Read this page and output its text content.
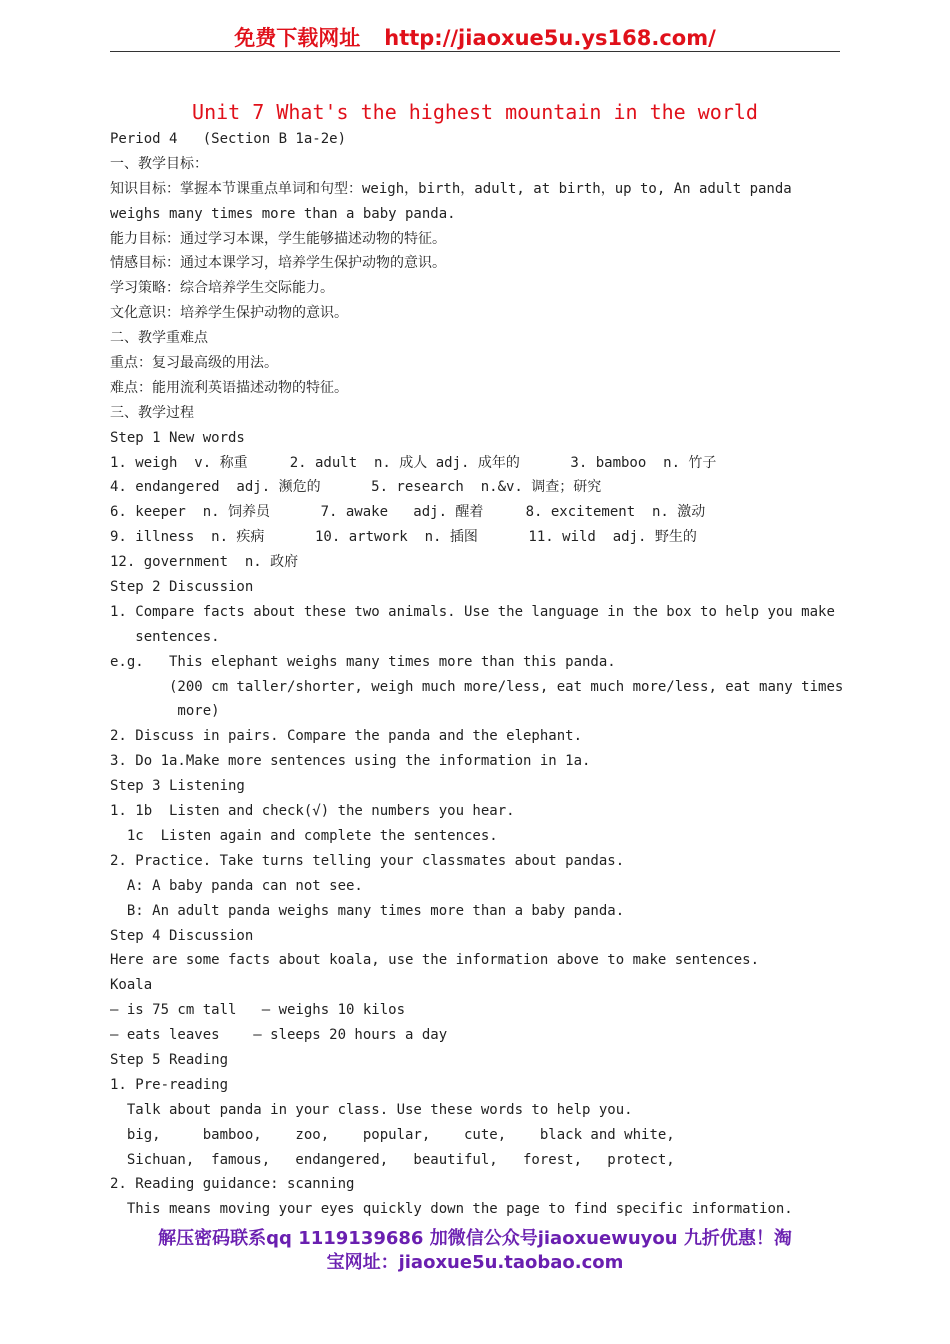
免费下载网址 http://jiaoxue5u.ys168.com/
Unit 7 What's the highest mountain in the world
Period 4   (Section B 1a-2e)
一、教学目标：
知识目标：掌握本节课重点单词和句型：weigh，birth，adult, at birth，up to, An adult panda
weighs many times more than a baby panda.
能力目标：通过学习本课，学生能够描述动物的特征。
情感目标：通过本课学习，培养学生保护动物的意识。
学习策略：综合培养学生交际能力。
文化意识：培养学生保护动物的意识。
二、教学重难点
重点：复习最高级的用法。
难点：能用流利英语描述动物的特征。
三、教学过程
Step 1 New words
1. weigh  v. 称重     2. adult  n. 成人 adj. 成年的      3. bamboo  n. 竹子
4. endangered  adj. 濒危的      5. research  n.&v. 调查；研究
6. keeper  n. 饲养员      7. awake   adj. 醒着     8. excitement  n. 激动
9. illness  n. 疾病      10. artwork  n. 插图      11. wild  adj. 野生的
12. government  n. 政府
Step 2 Discussion
1. Compare facts about these two animals. Use the language in the box to help you make
sentences.
e.g.   This elephant weighs many times more than this panda.
(200 cm taller/shorter, weigh much more/less, eat much more/less, eat many times
more)
2. Discuss in pairs. Compare the panda and the elephant.
3. Do 1a.Make more sentences using the information in 1a.
Step 3 Listening
1. 1b  Listen and check(√) the numbers you hear.
1c  Listen again and complete the sentences.
2. Practice. Take turns telling your classmates about pandas.
A: A baby panda can not see.
B: An adult panda weighs many times more than a baby panda.
Step 4 Discussion
Here are some facts about koala, use the information above to make sentences.
Koala
— is 75 cm tall   — weighs 10 kilos
— eats leaves    — sleeps 20 hours a day
Step 5 Reading
1. Pre-reading
Talk about panda in your class. Use these words to help you.
big,     bamboo,    zoo,    popular,    cute,    black and white,
Sichuan,  famous,   endangered,   beautiful,   forest,   protect,
2. Reading guidance: scanning
This means moving your eyes quickly down the page to find specific information.
解压密码联系qq 1119139686 加微信公众号jiaoxuewuyou 九折优惠！淘
宝网址：jiaoxue5u.taobao.com
